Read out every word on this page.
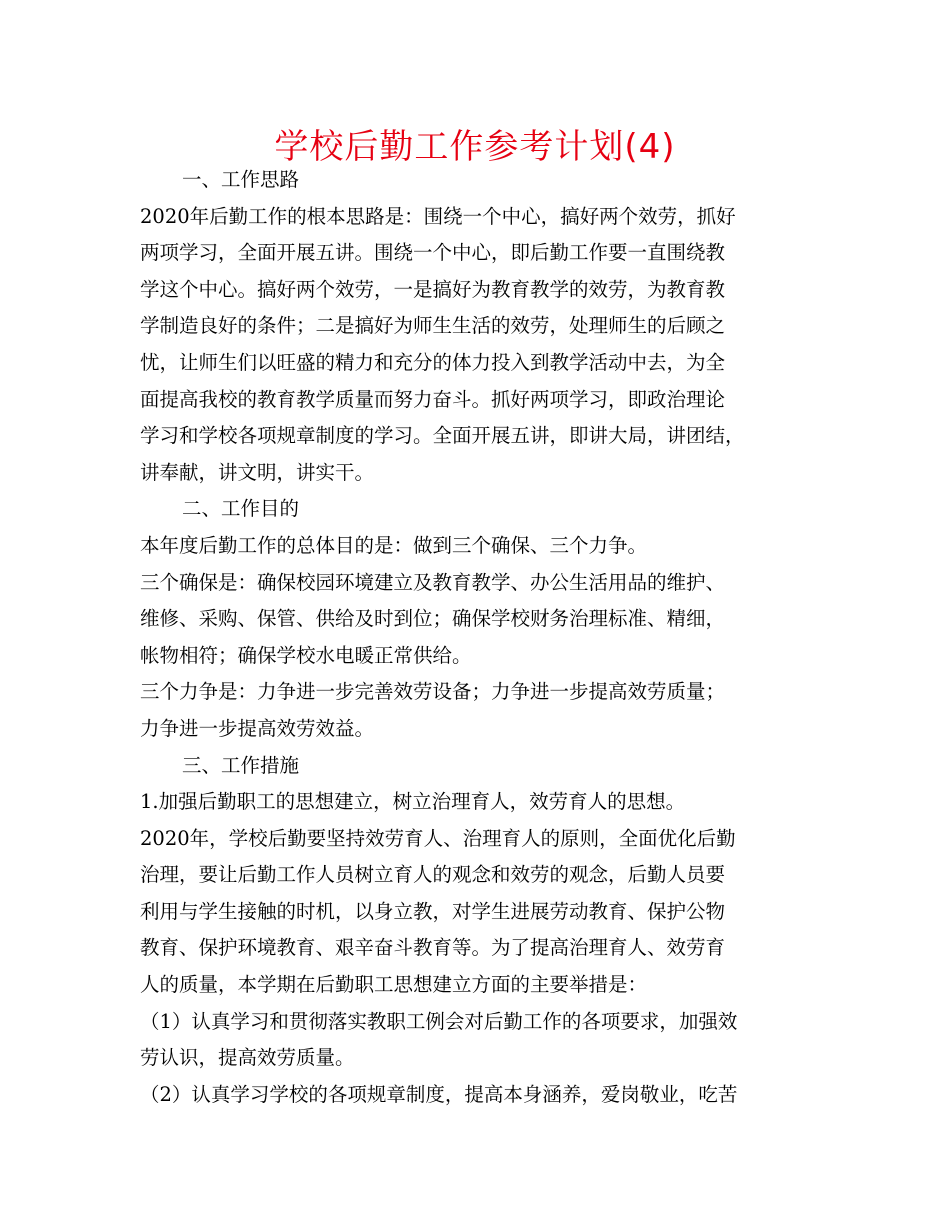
学校后勤工作参考计划(4)
一、工作思路
2020年后勤工作的根本思路是：围绕一个中心，搞好两个效劳，抓好
两项学习，全面开展五讲。围绕一个中心，即后勤工作要一直围绕教
学这个中心。搞好两个效劳，一是搞好为教育教学的效劳，为教育教
学制造良好的条件；二是搞好为师生生活的效劳，处理师生的后顾之
忧，让师生们以旺盛的精力和充分的体力投入到教学活动中去，为全
面提高我校的教育教学质量而努力奋斗。抓好两项学习，即政治理论
学习和学校各项规章制度的学习。全面开展五讲，即讲大局，讲团结，
讲奉献，讲文明，讲实干。
二、工作目的
本年度后勤工作的总体目的是：做到三个确保、三个力争。
三个确保是：确保校园环境建立及教育教学、办公生活用品的维护、
维修、采购、保管、供给及时到位；确保学校财务治理标准、精细，
帐物相符；确保学校水电暖正常供给。
三个力争是：力争进一步完善效劳设备；力争进一步提高效劳质量；
力争进一步提高效劳效益。
三、工作措施
1.加强后勤职工的思想建立，树立治理育人，效劳育人的思想。
2020年，学校后勤要坚持效劳育人、治理育人的原则，全面优化后勤
治理，要让后勤工作人员树立育人的观念和效劳的观念，后勤人员要
利用与学生接触的时机，以身立教，对学生进展劳动教育、保护公物
教育、保护环境教育、艰辛奋斗教育等。为了提高治理育人、效劳育
人的质量，本学期在后勤职工思想建立方面的主要举措是：
（1）认真学习和贯彻落实教职工例会对后勤工作的各项要求，加强效
劳认识，提高效劳质量。
（2）认真学习学校的各项规章制度，提高本身涵养，爱岗敬业，吃苦
